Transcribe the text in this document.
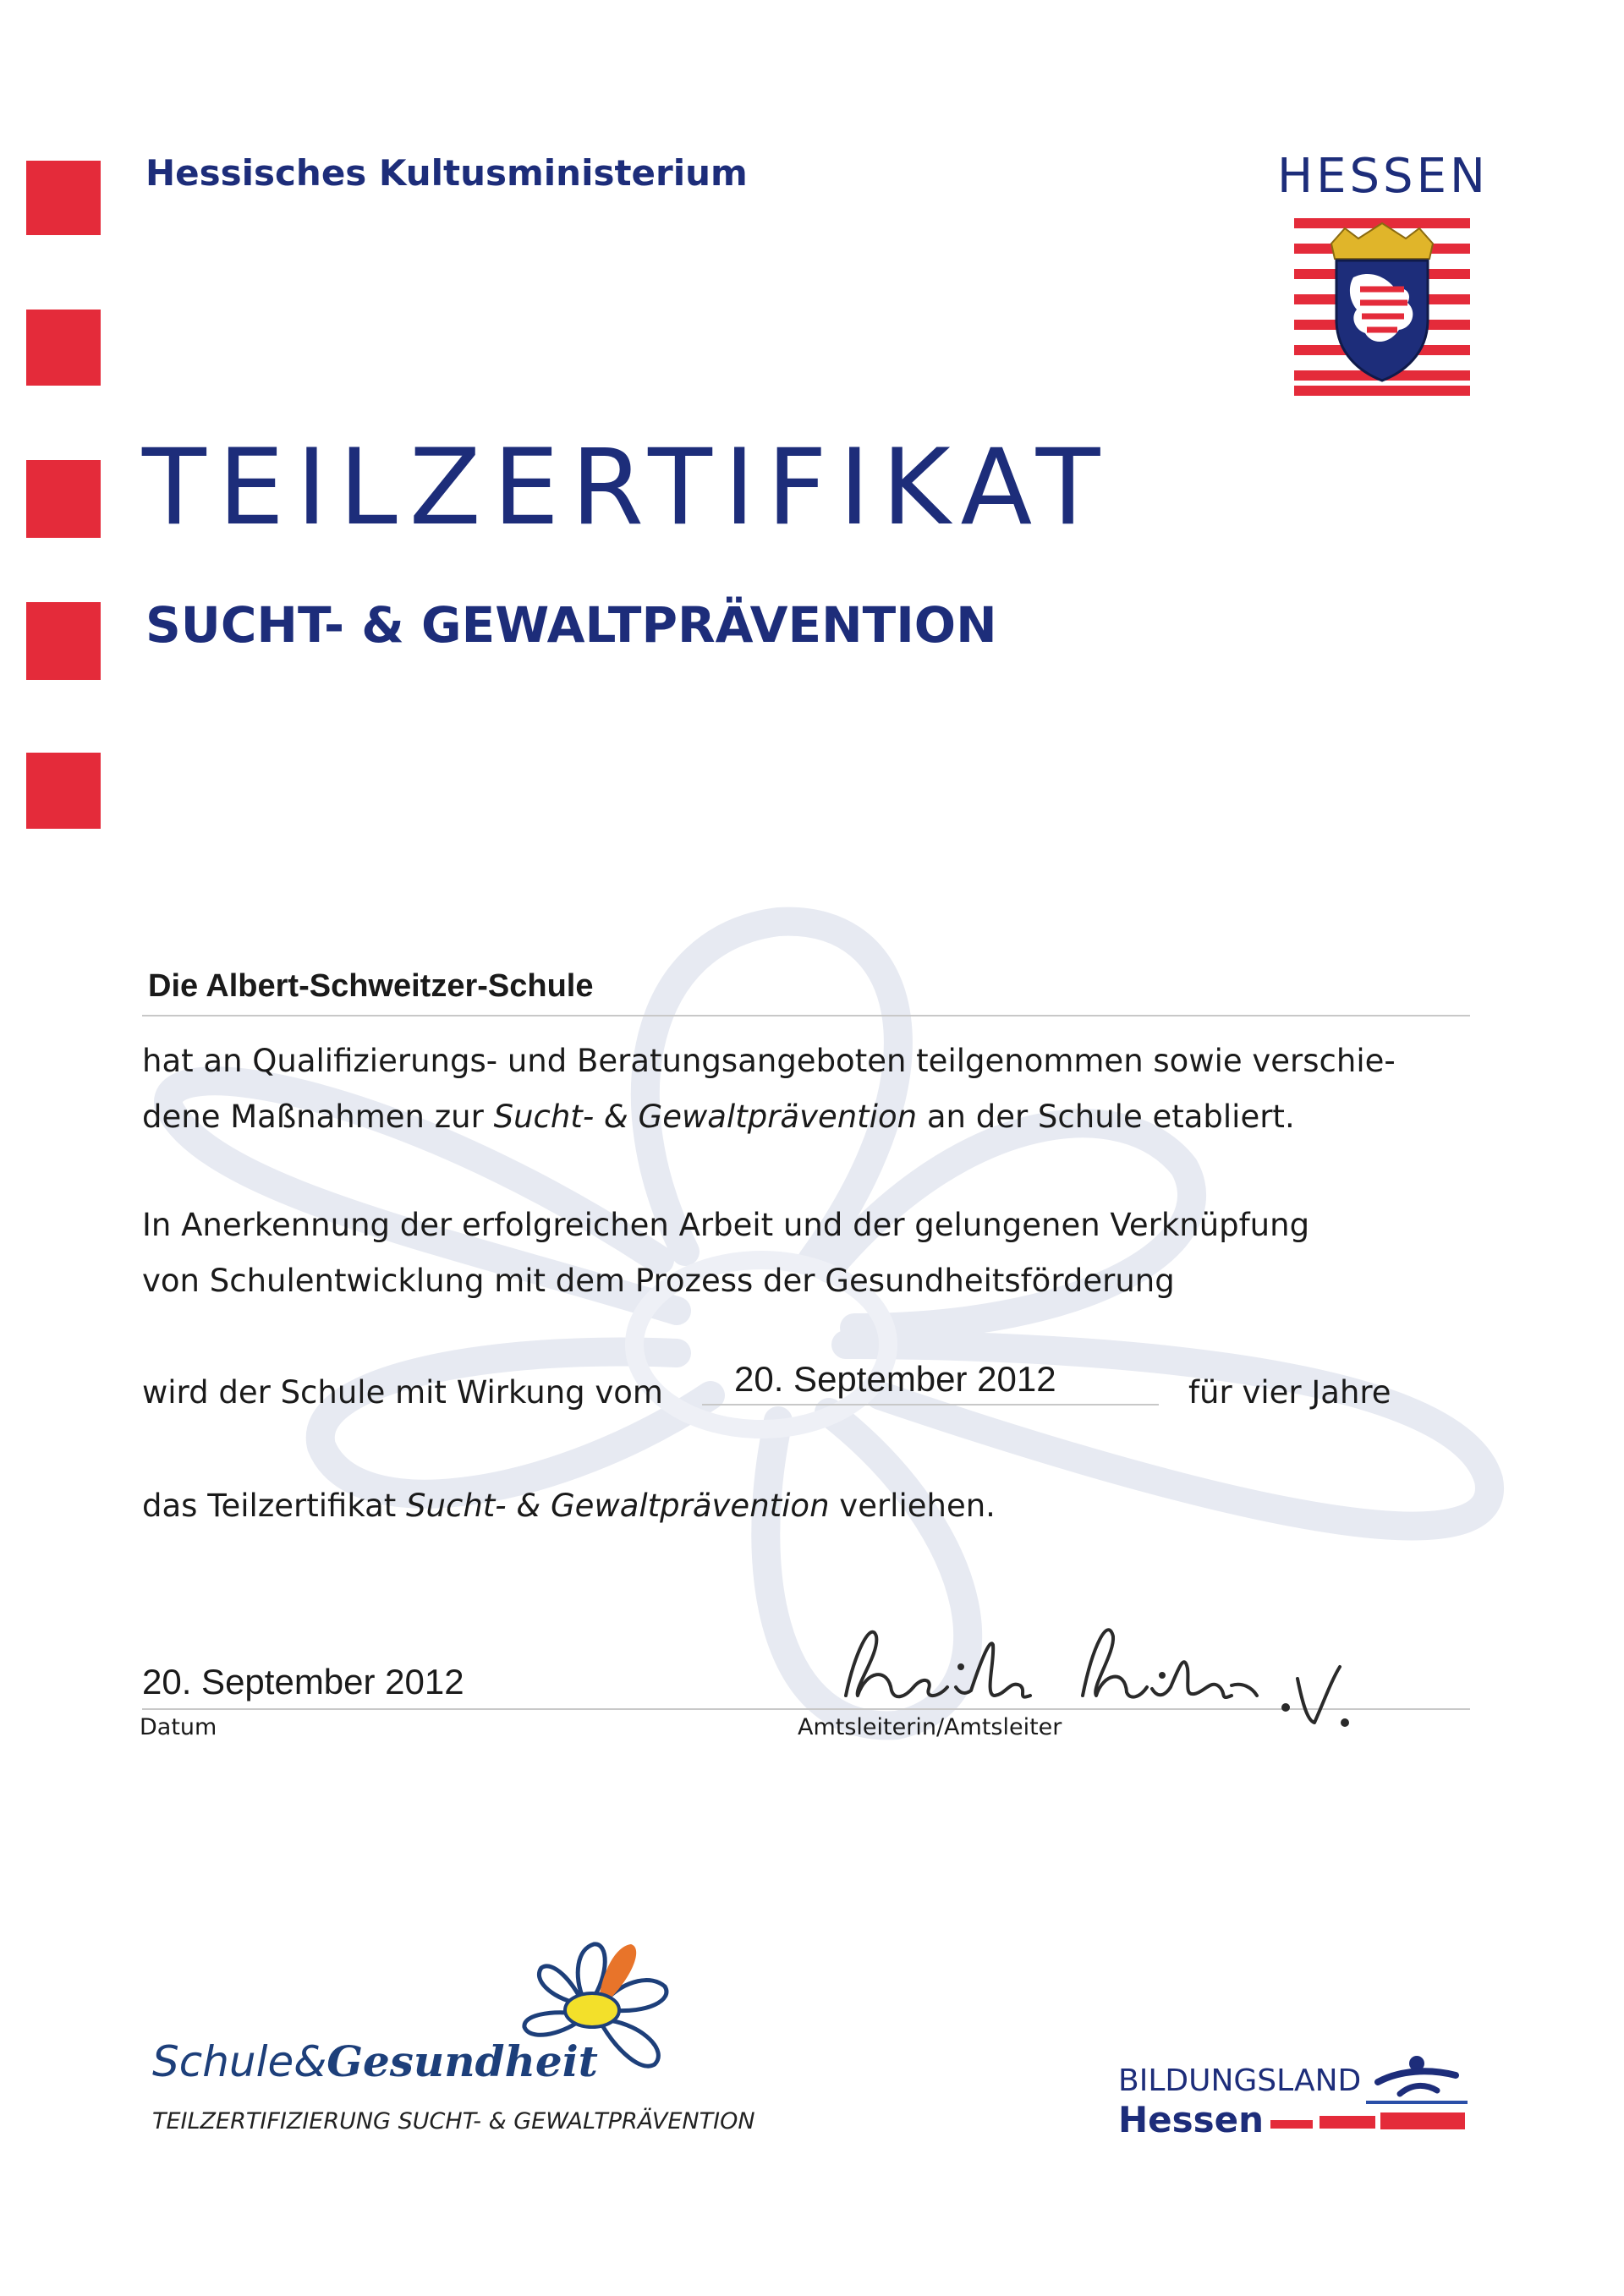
Hessisches Kultusministerium	HESSEN
TEILZERTIFIKAT
SUCHT- & GEWALTPRÄVENTION
Die Albert-Schweitzer-Schule
hat an Qualifizierungs- und Beratungsangeboten teilgenommen sowie verschie-
dene Maßnahmen zur Sucht- & Gewaltprävention an der Schule etabliert.
In Anerkennung der erfolgreichen Arbeit und der gelungenen Verknüpfung
von Schulentwicklung mit dem Prozess der Gesundheitsförderung
wird der Schule mit Wirkung vom 20. September 2012	für vier Jahre
das Teilzertifikat Sucht- & Gewaltprävention verliehen.
20. September 2012
Datum	Amtsleiterin/Amtsleiter
heide heiss i.V.
Schule&Gesundheit
TEILZERTIFIZIERUNG SUCHT- & GEWALTPRÄVENTION
BILDUNGSLAND
Hessen
